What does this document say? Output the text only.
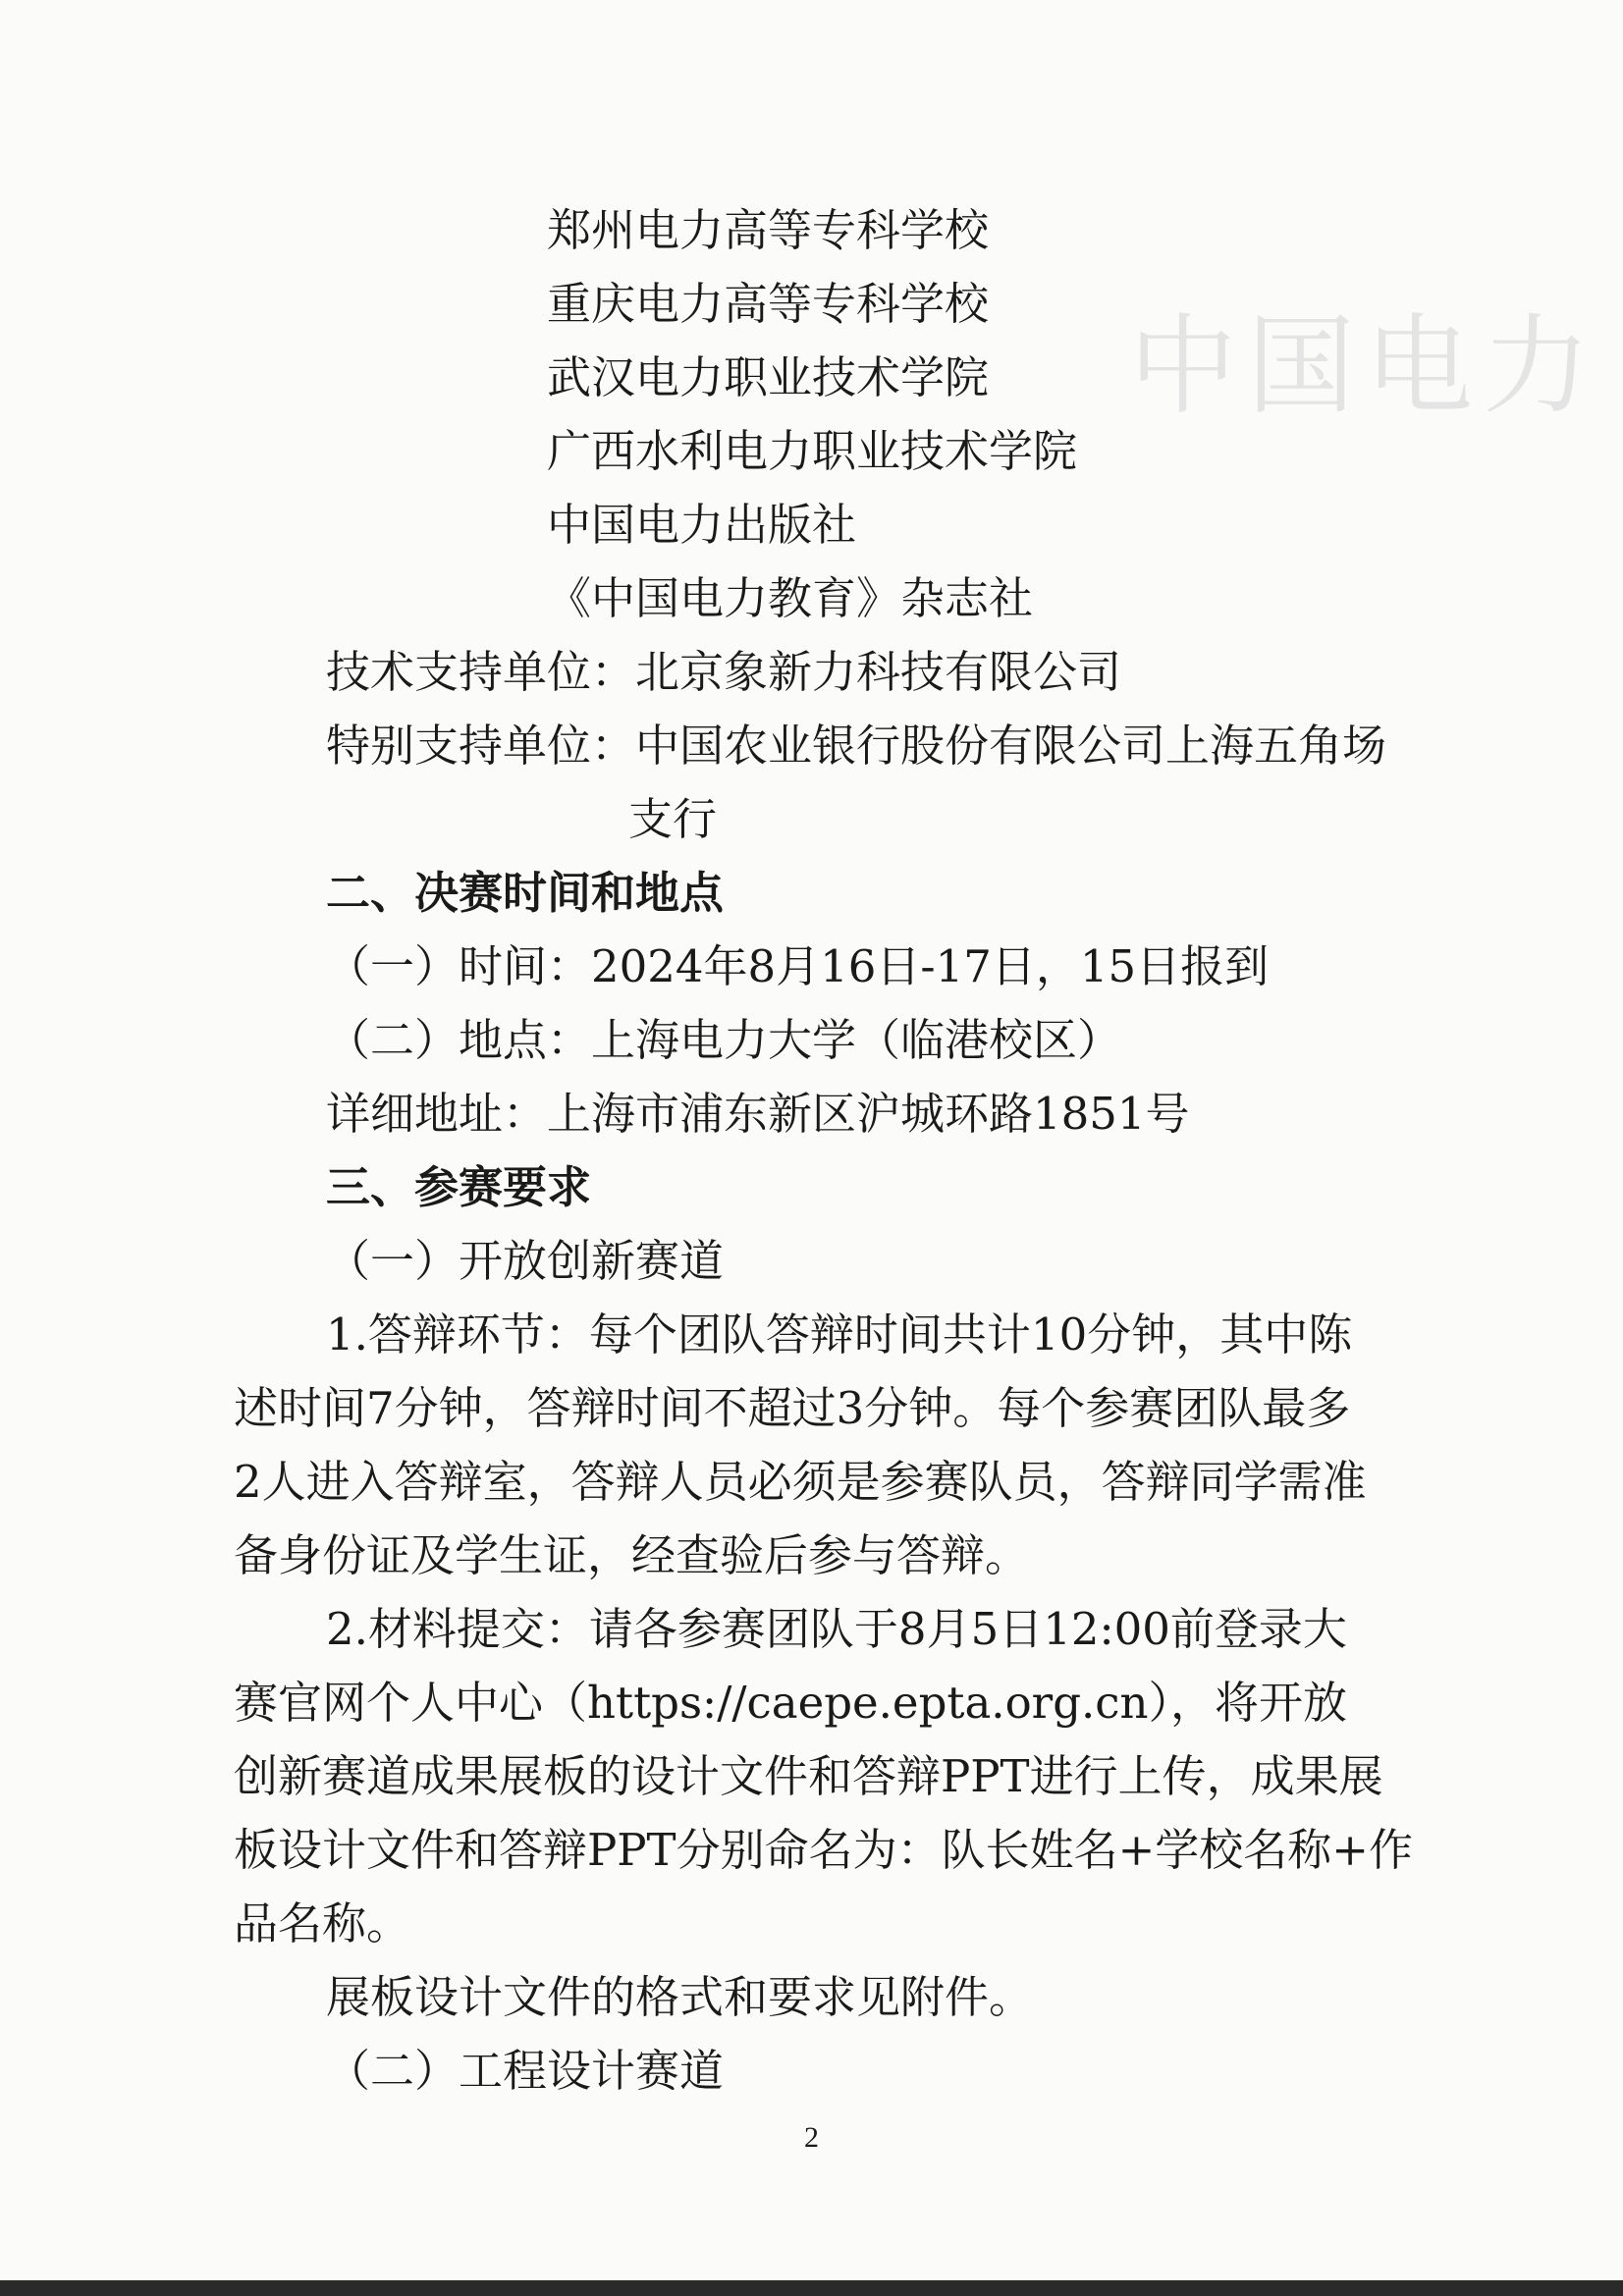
中国电力

郑州电力高等专科学校

重庆电力高等专科学校

武汉电力职业技术学院

广西水利电力职业技术学院

中国电力出版社

《中国电力教育》杂志社

技术支持单位：北京象新力科技有限公司

特别支持单位：中国农业银行股份有限公司上海五角场

支行

二、决赛时间和地点

（一）时间：2024年8月16日-17日，15日报到

（二）地点：上海电力大学（临港校区）

详细地址：上海市浦东新区沪城环路1851号

三、参赛要求

（一）开放创新赛道

1.答辩环节：每个团队答辩时间共计10分钟，其中陈

述时间7分钟，答辩时间不超过3分钟。每个参赛团队最多

2人进入答辩室，答辩人员必须是参赛队员，答辩同学需准

备身份证及学生证，经查验后参与答辩。

2.材料提交：请各参赛团队于8月5日12:00前登录大

赛官网个人中心（https://caepe.epta.org.cn），将开放

创新赛道成果展板的设计文件和答辩PPT进行上传，成果展

板设计文件和答辩PPT分别命名为：队长姓名+学校名称+作

品名称。

展板设计文件的格式和要求见附件。

（二）工程设计赛道

2
